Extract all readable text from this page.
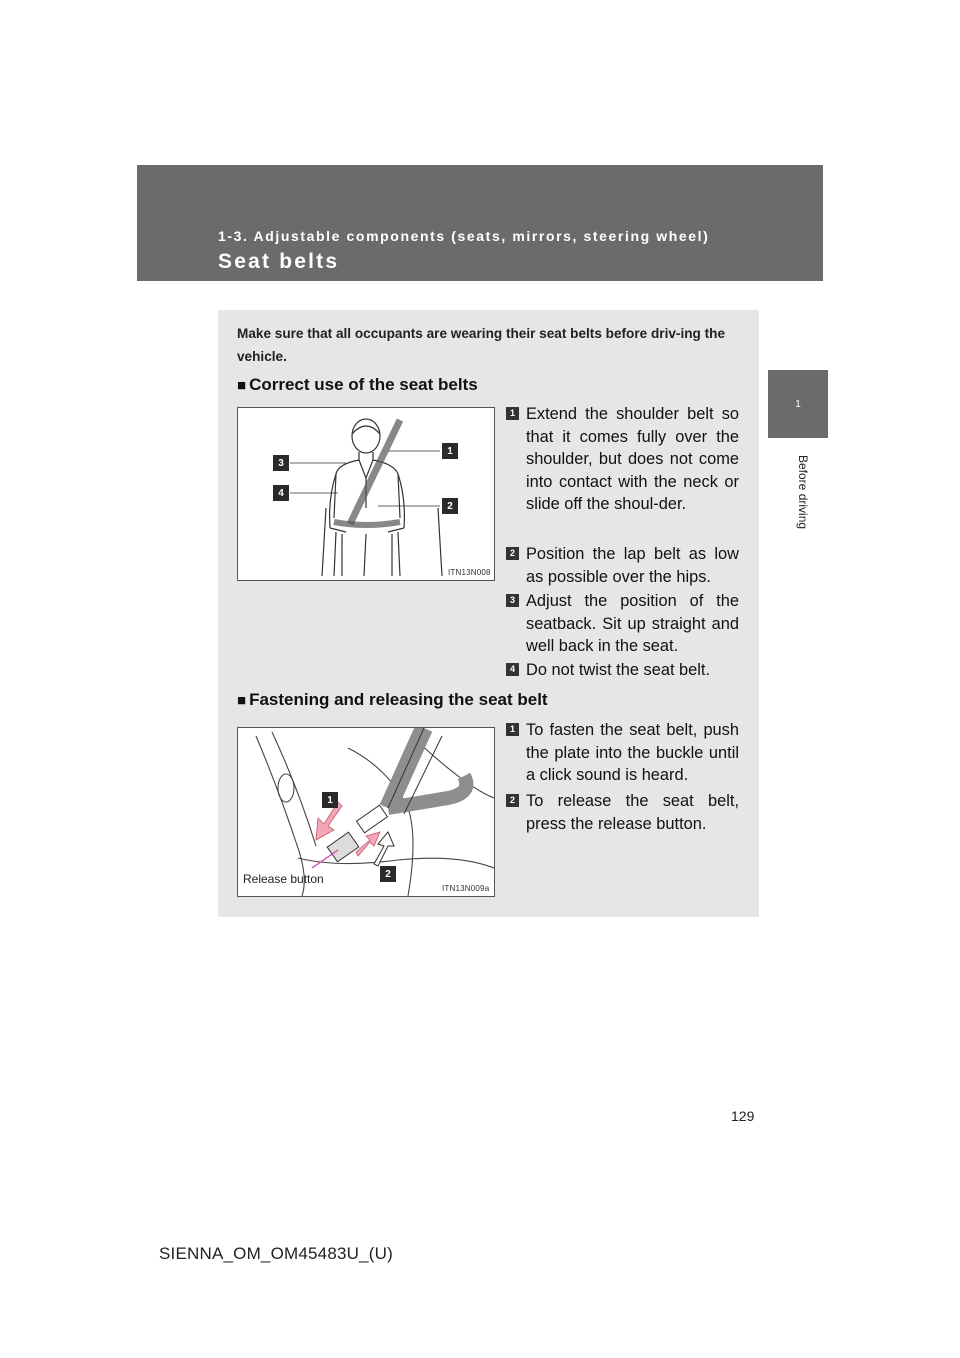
1-3. Adjustable components (seats, mirrors, steering wheel)
Seat belts
1
Before driving
Make sure that all occupants are wearing their seat belts before driv-ing the vehicle.
■ Correct use of the seat belts
1
3
4
2
ITN13N008
1 Extend the shoulder belt so that it comes fully over the shoulder, but does not come into contact with the neck or slide off the shoul-der.
2 Position the lap belt as low as possible over the hips.
3 Adjust the position of the seatback. Sit up straight and well back in the seat.
4 Do not twist the seat belt.
■ Fastening and releasing the seat belt
1
2
ITN13N009a
Release button
1 To fasten the seat belt, push the plate into the buckle until a click sound is heard.
2 To release the seat belt, press the release button.
129
SIENNA_OM_OM45483U_(U)
